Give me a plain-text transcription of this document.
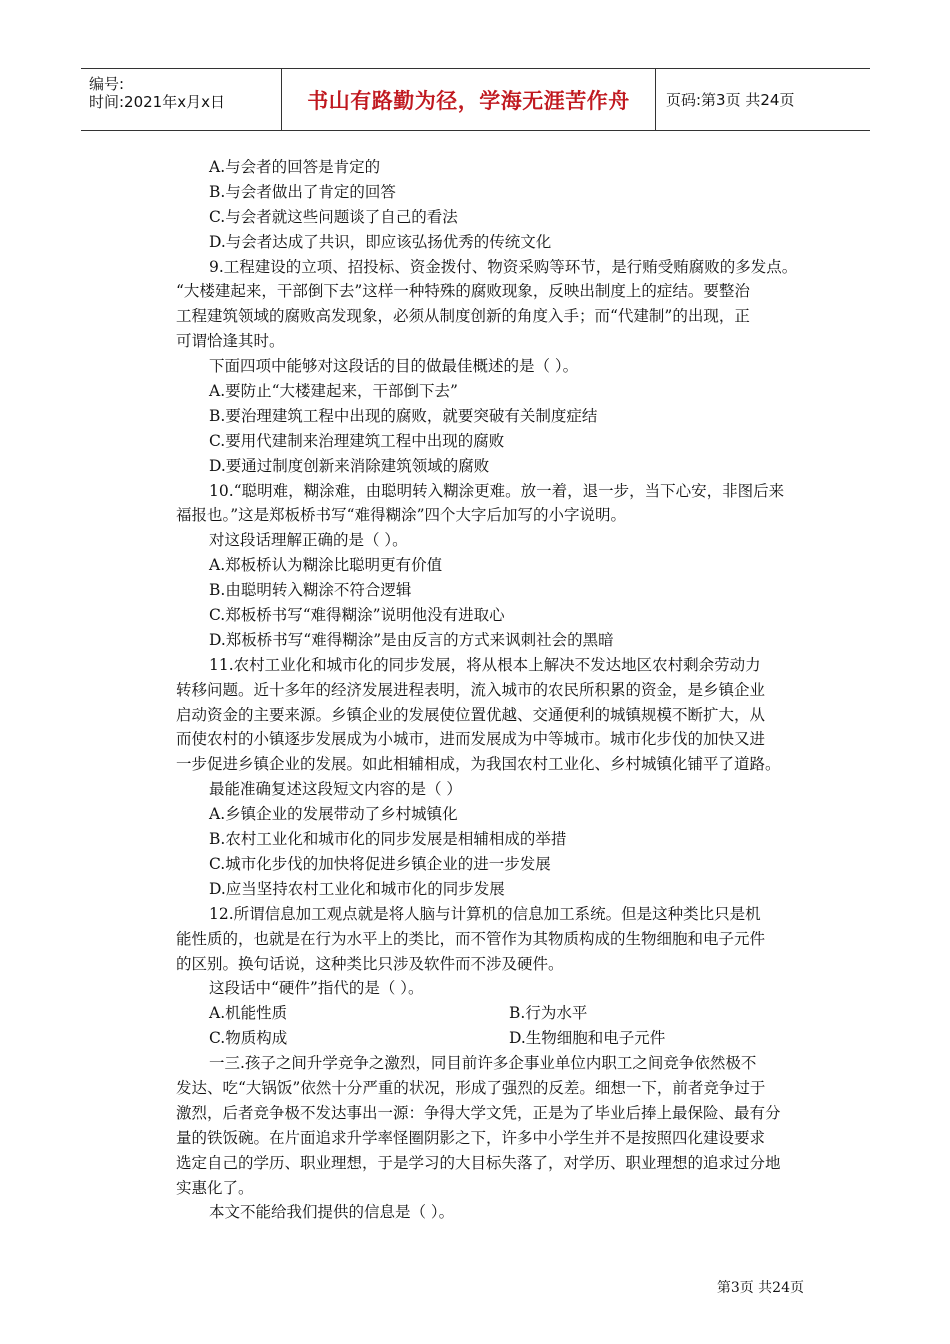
编号:
时间:2021年x月x日	书山有路勤为径，学海无涯苦作舟 页码:第3页 共24页
A.与会者的回答是肯定的
B.与会者做出了肯定的回答
C.与会者就这些问题谈了自己的看法
D.与会者达成了共识，即应该弘扬优秀的传统文化
9.工程建设的立项、招投标、资金拨付、物资采购等环节，是行贿受贿腐败的多发点。
“大楼建起来，干部倒下去”这样一种特殊的腐败现象，反映出制度上的症结。要整治
工程建筑领域的腐败高发现象，必须从制度创新的角度入手；而“代建制”的出现，正
可谓恰逢其时。
下面四项中能够对这段话的目的做最佳概述的是（ ）。
A.要防止“大楼建起来，干部倒下去”
B.要治理建筑工程中出现的腐败，就要突破有关制度症结
C.要用代建制来治理建筑工程中出现的腐败
D.要通过制度创新来消除建筑领域的腐败
10.“聪明难，糊涂难，由聪明转入糊涂更难。放一着，退一步，当下心安，非图后来
福报也。”这是郑板桥书写“难得糊涂”四个大字后加写的小字说明。
对这段话理解正确的是（ ）。
A.郑板桥认为糊涂比聪明更有价值
B.由聪明转入糊涂不符合逻辑
C.郑板桥书写“难得糊涂”说明他没有进取心
D.郑板桥书写“难得糊涂”是由反言的方式来讽刺社会的黑暗
11.农村工业化和城市化的同步发展，将从根本上解决不发达地区农村剩余劳动力
转移问题。近十多年的经济发展进程表明，流入城市的农民所积累的资金，是乡镇企业
启动资金的主要来源。乡镇企业的发展使位置优越、交通便利的城镇规模不断扩大，从
而使农村的小镇逐步发展成为小城市，进而发展成为中等城市。城市化步伐的加快又进
一步促进乡镇企业的发展。如此相辅相成，为我国农村工业化、乡村城镇化铺平了道路。
最能准确复述这段短文内容的是（ ）
A.乡镇企业的发展带动了乡村城镇化
B.农村工业化和城市化的同步发展是相辅相成的举措
C.城市化步伐的加快将促进乡镇企业的进一步发展
D.应当坚持农村工业化和城市化的同步发展
12.所谓信息加工观点就是将人脑与计算机的信息加工系统。但是这种类比只是机
能性质的，也就是在行为水平上的类比，而不管作为其物质构成的生物细胞和电子元件
的区别。换句话说，这种类比只涉及软件而不涉及硬件。
这段话中“硬件”指代的是（ ）。
A.机能性质	B.行为水平
C.物质构成	D.生物细胞和电子元件
一三.孩子之间升学竞争之激烈，同目前许多企事业单位内职工之间竞争依然极不
发达、吃“大锅饭”依然十分严重的状况，形成了强烈的反差。细想一下，前者竞争过于
激烈，后者竞争极不发达事出一源：争得大学文凭，正是为了毕业后捧上最保险、最有分
量的铁饭碗。在片面追求升学率怪圈阴影之下，许多中小学生并不是按照四化建设要求
选定自己的学历、职业理想，于是学习的大目标失落了，对学历、职业理想的追求过分地
实惠化了。
本文不能给我们提供的信息是（ ）。
第3页 共24页
